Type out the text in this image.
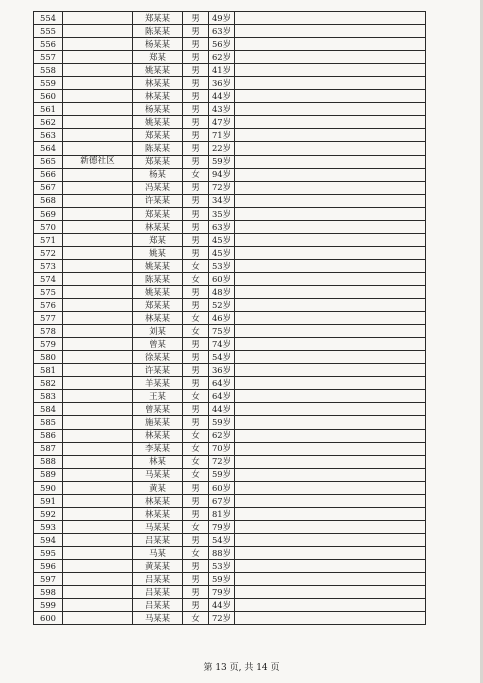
554		郑某某	男	49岁	
555		陈某某	男	63岁	
556		杨某某	男	56岁	
557		郑某	男	62岁	
558		姚某某	男	41岁	
559		林某某	男	36岁	
560		林某某	男	44岁	
561		杨某某	男	43岁	
562		姚某某	男	47岁	
563		郑某某	男	71岁	
564		陈某某	男	22岁	
565	新德社区	郑某某	男	59岁	
566		杨某	女	94岁	
567		冯某某	男	72岁	
568		许某某	男	34岁	
569		郑某某	男	35岁	
570		林某某	男	63岁	
571		郑某	男	45岁	
572		姚某	男	45岁	
573		姚某某	女	53岁	
574		陈某某	女	60岁	
575		姚某某	男	48岁	
576		郑某某	男	52岁	
577		林某某	女	46岁	
578		刘某	女	75岁	
579		曾某	男	74岁	
580		徐某某	男	54岁	
581		许某某	男	36岁	
582		羊某某	男	64岁	
583		王某	女	64岁	
584		曾某某	男	44岁	
585		施某某	男	59岁	
586		林某某	女	62岁	
587		李某某	女	70岁	
588		林某	女	72岁	
589		马某某	女	59岁	
590		黄某	男	60岁	
591		林某某	男	67岁	
592		林某某	男	81岁	
593		马某某	女	79岁	
594		吕某某	男	54岁	
595		马某	女	88岁	
596		黄某某	男	53岁	
597		吕某某	男	59岁	
598		吕某某	男	79岁	
599		吕某某	男	44岁	
600		马某某	女	72岁	
第 13 页, 共 14 页
